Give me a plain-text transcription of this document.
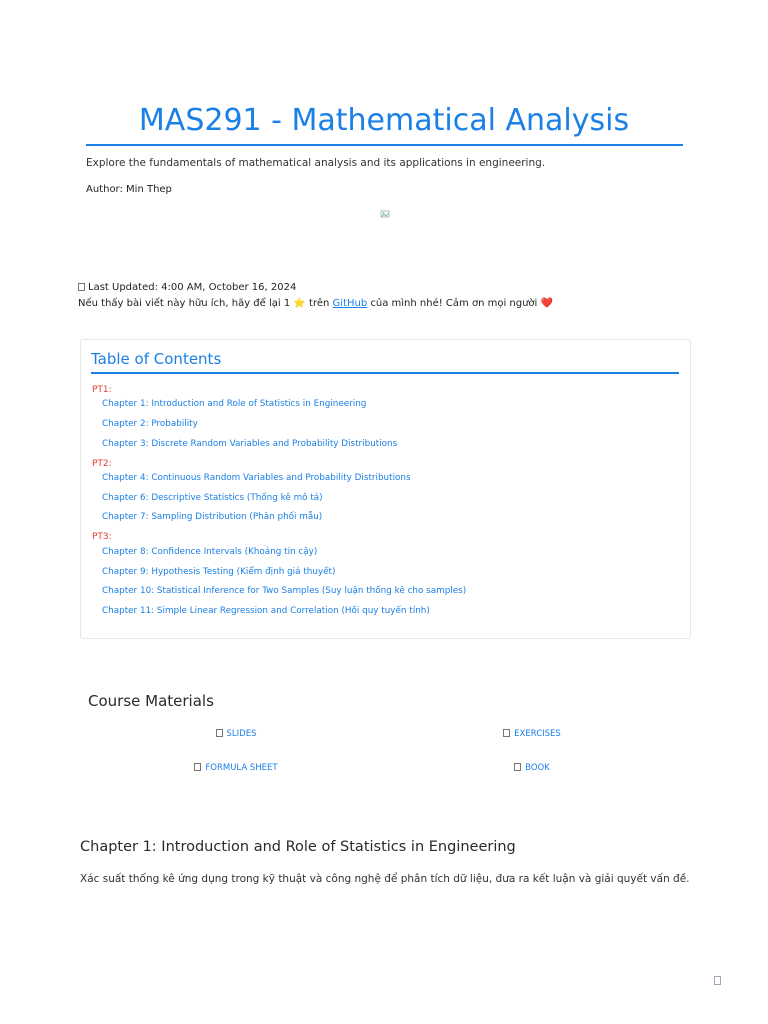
MAS291 - Mathematical Analysis
Explore the fundamentals of mathematical analysis and its applications in engineering.
Author: Min Thep
Last Updated: 4:00 AM, October 16, 2024
Nếu thấy bài viết này hữu ích, hãy để lại 1 ⭐ trên GitHub của mình nhé! Cảm ơn mọi người ❤️
Table of Contents
PT1:
Chapter 1: Introduction and Role of Statistics in Engineering
Chapter 2: Probability
Chapter 3: Discrete Random Variables and Probability Distributions
PT2:
Chapter 4: Continuous Random Variables and Probability Distributions
Chapter 6: Descriptive Statistics (Thống kê mô tả)
Chapter 7: Sampling Distribution (Phân phối mẫu)
PT3:
Chapter 8: Confidence Intervals (Khoảng tin cậy)
Chapter 9: Hypothesis Testing (Kiểm định giả thuyết)
Chapter 10: Statistical Inference for Two Samples (Suy luận thống kê cho samples)
Chapter 11: Simple Linear Regression and Correlation (Hồi quy tuyến tính)
Course Materials
SLIDES	EXERCISES
FORMULA SHEET	BOOK
Chapter 1: Introduction and Role of Statistics in Engineering
Xác suất thống kê ứng dụng trong kỹ thuật và công nghệ để phân tích dữ liệu, đưa ra kết luận và giải quyết vấn đề.
